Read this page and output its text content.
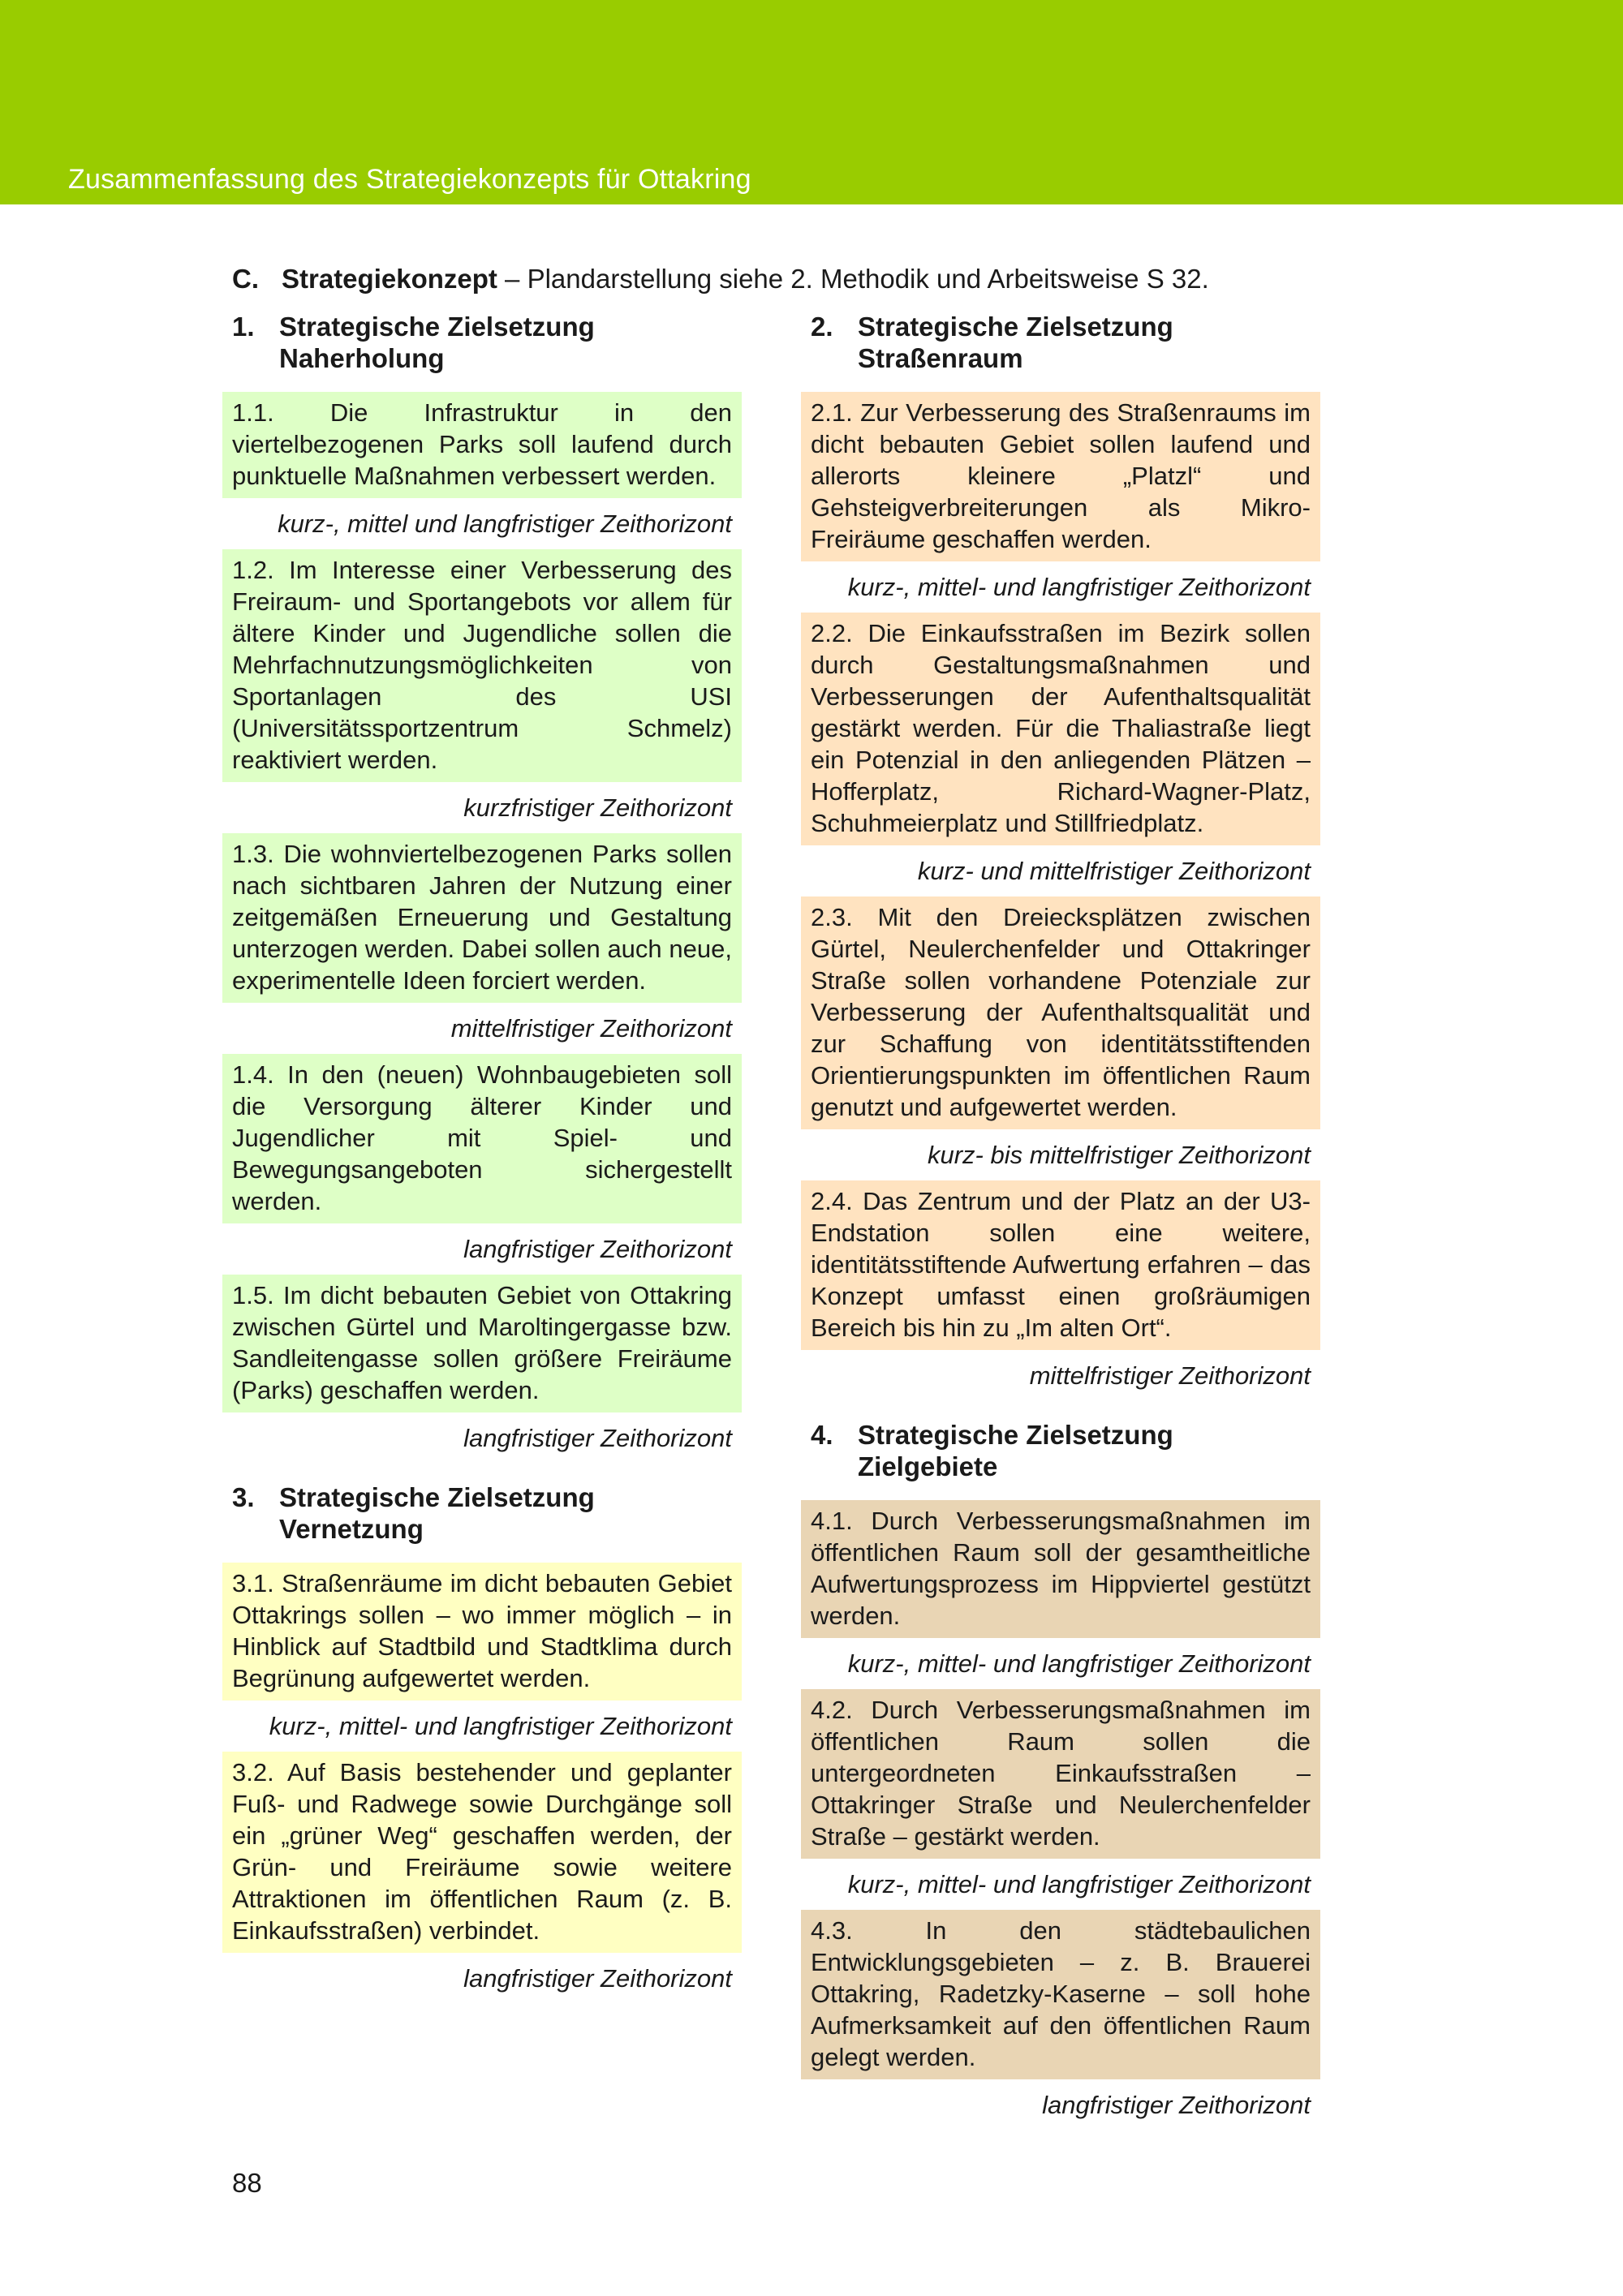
Zusammenfassung des Strategiekonzepts für Ottakring
C. Strategiekonzept – Plandarstellung siehe 2. Methodik und Arbeitsweise S 32.
1. Strategische Zielsetzung
Naherholung
1.1. Die Infrastruktur in den viertelbezogenen Parks soll laufend durch punktuelle Maßnahmen verbessert werden.
kurz-, mittel und langfristiger Zeithorizont
1.2. Im Interesse einer Verbesserung des Freiraum- und Sportangebots vor allem für ältere Kinder und Jugendliche sollen die Mehrfachnutzungsmöglichkeiten von Sportanlagen des USI (Universitätssportzentrum Schmelz) reaktiviert werden.
kurzfristiger Zeithorizont
1.3. Die wohnviertelbezogenen Parks sollen nach sichtbaren Jahren der Nutzung einer zeitgemäßen Erneuerung und Gestaltung unterzogen werden. Dabei sollen auch neue, experimentelle Ideen forciert werden.
mittelfristiger Zeithorizont
1.4. In den (neuen) Wohnbaugebieten soll die Versorgung älterer Kinder und Jugendlicher mit Spiel- und Bewegungsangeboten sichergestellt werden.
langfristiger Zeithorizont
1.5. Im dicht bebauten Gebiet von Ottakring zwischen Gürtel und Maroltingergasse bzw. Sandleitengasse sollen größere Freiräume (Parks) geschaffen werden.
langfristiger Zeithorizont
3. Strategische Zielsetzung
Vernetzung
3.1. Straßenräume im dicht bebauten Gebiet Ottakrings sollen – wo immer möglich – in Hinblick auf Stadtbild und Stadtklima durch Begrünung aufgewertet werden.
kurz-, mittel- und langfristiger Zeithorizont
3.2. Auf Basis bestehender und geplanter Fuß- und Radwege sowie Durchgänge soll ein „grüner Weg“ geschaffen werden, der Grün- und Freiräume sowie weitere Attraktionen im öffentlichen Raum (z. B. Einkaufsstraßen) verbindet.
langfristiger Zeithorizont
2. Strategische Zielsetzung
Straßenraum
2.1. Zur Verbesserung des Straßenraums im dicht bebauten Gebiet sollen laufend und allerorts kleinere „Platzl“ und Gehsteigverbreiterungen als Mikro-Freiräume geschaffen werden.
kurz-, mittel- und langfristiger Zeithorizont
2.2. Die Einkaufsstraßen im Bezirk sollen durch Gestaltungsmaßnahmen und Verbesserungen der Aufenthaltsqualität gestärkt werden. Für die Thaliastraße liegt ein Potenzial in den anliegenden Plätzen – Hofferplatz, Richard-Wagner-Platz, Schuhmeierplatz und Stillfriedplatz.
kurz- und mittelfristiger Zeithorizont
2.3. Mit den Dreiecksplätzen zwischen Gürtel, Neulerchenfelder und Ottakringer Straße sollen vorhandene Potenziale zur Verbesserung der Aufenthaltsqualität und zur Schaffung von identitätsstiftenden Orientierungspunkten im öffentlichen Raum genutzt und aufgewertet werden.
kurz- bis mittelfristiger Zeithorizont
2.4. Das Zentrum und der Platz an der U3-Endstation sollen eine weitere, identitätsstiftende Aufwertung erfahren – das Konzept umfasst einen großräumigen Bereich bis hin zu „Im alten Ort“.
mittelfristiger Zeithorizont
4. Strategische Zielsetzung
Zielgebiete
4.1. Durch Verbesserungsmaßnahmen im öffentlichen Raum soll der gesamtheitliche Aufwertungsprozess im Hippviertel gestützt werden.
kurz-, mittel- und langfristiger Zeithorizont
4.2. Durch Verbesserungsmaßnahmen im öffentlichen Raum sollen die untergeordneten Einkaufsstraßen – Ottakringer Straße und Neulerchenfelder Straße – gestärkt werden.
kurz-, mittel- und langfristiger Zeithorizont
4.3. In den städtebaulichen Entwicklungsgebieten – z. B. Brauerei Ottakring, Radetzky-Kaserne – soll hohe Aufmerksamkeit auf den öffentlichen Raum gelegt werden.
langfristiger Zeithorizont
88
